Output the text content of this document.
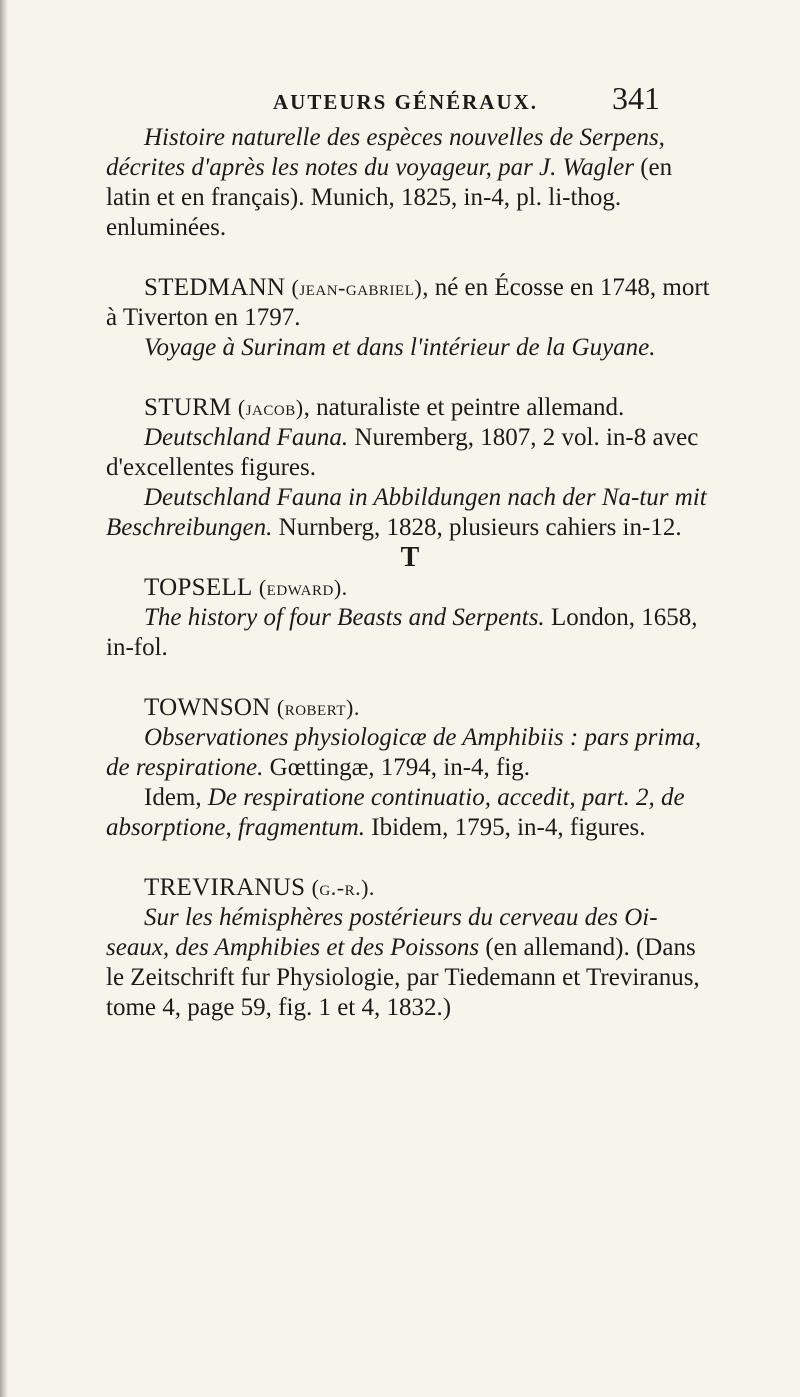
AUTEURS GÉNÉRAUX. 341

Histoire naturelle des espèces nouvelles de Serpens, décrites d'après les notes du voyageur, par J. Wagler (en latin et en français). Munich, 1825, in-4, pl. li-thog. enluminées.

STEDMANN (jean-gabriel), né en Écosse en 1748, mort à Tiverton en 1797.

Voyage à Surinam et dans l'intérieur de la Guyane.

STURM (jacob), naturaliste et peintre allemand.

Deutschland Fauna. Nuremberg, 1807, 2 vol. in-8 avec d'excellentes figures.

Deutschland Fauna in Abbildungen nach der Na-tur mit Beschreibungen. Nurnberg, 1828, plusieurs cahiers in-12.

T

TOPSELL (edward).

The history of four Beasts and Serpents. London, 1658, in-fol.

TOWNSON (robert).

Observationes physiologicæ de Amphibiis : pars prima, de respiratione. Gœttingæ, 1794, in-4, fig.

Idem, De respiratione continuatio, accedit, part. 2, de absorptione, fragmentum. Ibidem, 1795, in-4, figures.

TREVIRANUS (g.-r.).

Sur les hémisphères postérieurs du cerveau des Oi-seaux, des Amphibies et des Poissons (en allemand). (Dans le Zeitschrift fur Physiologie, par Tiedemann et Treviranus, tome 4, page 59, fig. 1 et 4, 1832.)
